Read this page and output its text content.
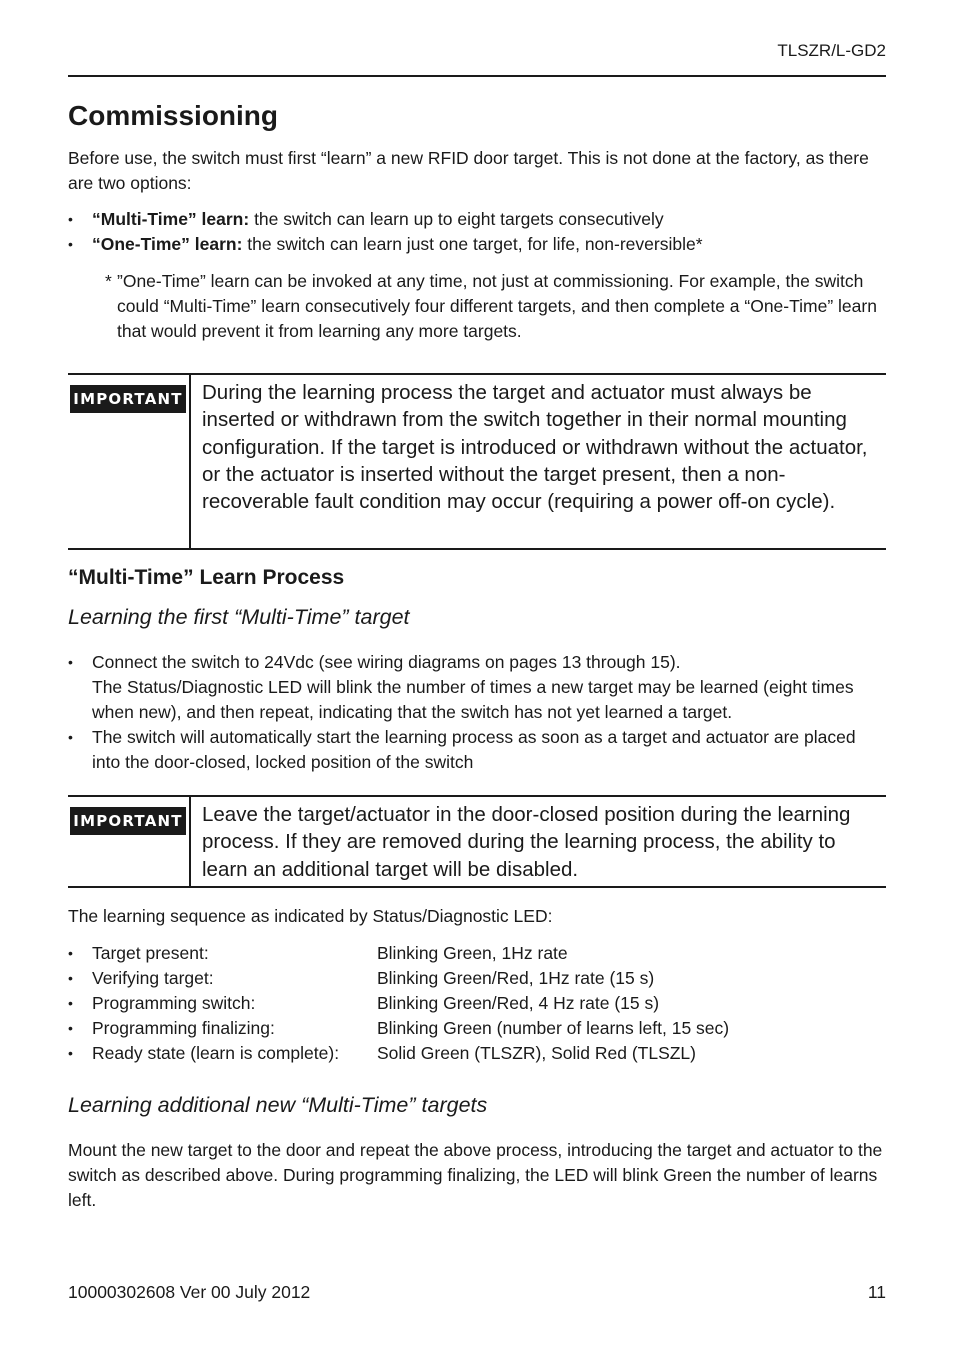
TLSZR/L-GD2
Commissioning

Before use, the switch must first “learn” a new RFID door target. This is not done at the factory, as there are two options:

• “Multi-Time” learn: the switch can learn up to eight targets consecutively
• “One-Time” learn: the switch can learn just one target, for life, non-reversible*

* ”One-Time” learn can be invoked at any time, not just at commissioning. For example, the switch could “Multi-Time” learn consecutively four different targets, and then complete a “One-Time” learn that would prevent it from learning any more targets.

IMPORTANT During the learning process the target and actuator must always be inserted or withdrawn from the switch together in their normal mounting configuration. If the target is introduced or withdrawn without the actuator, or the actuator is inserted without the target present, then a non-recoverable fault condition may occur (requiring a power off-on cycle).

“Multi-Time” Learn Process
Learning the first “Multi-Time” target
• Connect the switch to 24Vdc (see wiring diagrams on pages 13 through 15).
The Status/Diagnostic LED will blink the number of times a new target may be learned (eight times when new), and then repeat, indicating that the switch has not yet learned a target.
• The switch will automatically start the learning process as soon as a target and actuator are placed into the door-closed, locked position of the switch
IMPORTANT Leave the target/actuator in the door-closed position during the learning process. If they are removed during the learning process, the ability to learn an additional target will be disabled.

The learning sequence as indicated by Status/Diagnostic LED:

• Target present:	Blinking Green, 1Hz rate
• Verifying target:	Blinking Green/Red, 1Hz rate (15 s)
• Programming switch:	Blinking Green/Red, 4 Hz rate (15 s)
• Programming finalizing:	Blinking Green (number of learns left, 15 sec)
• Ready state (learn is complete): Solid Green (TLSZR), Solid Red (TLSZL)
Learning additional new “Multi-Time” targets

Mount the new target to the door and repeat the above process, introducing the target and actuator to the switch as described above. During programming finalizing, the LED will blink Green the number of learns left.

10000302608 Ver 00 July 2012	11
